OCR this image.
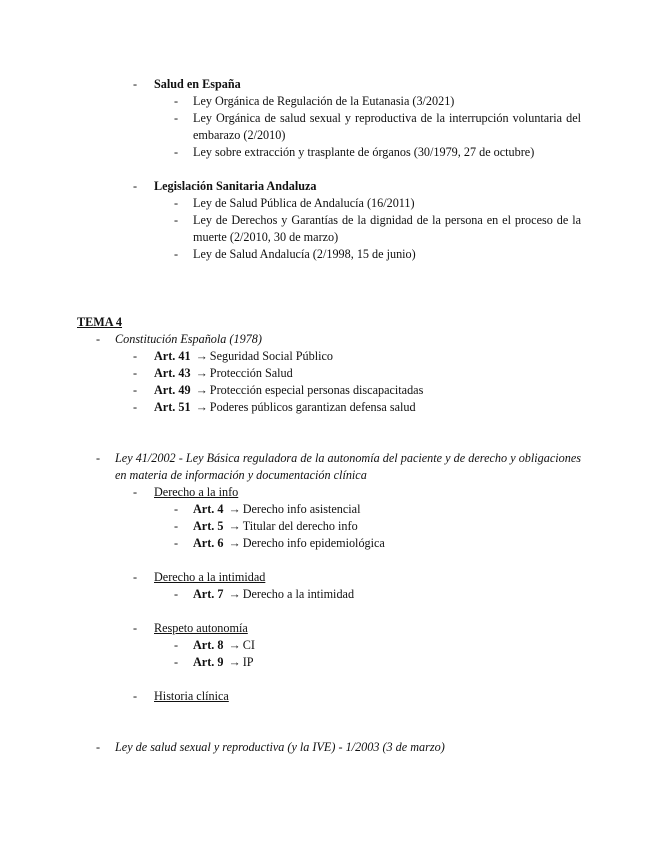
-	Salud en España
-	Ley Orgánica de Regulación de la Eutanasia (3/2021)
-	Ley Orgánica de salud sexual y reproductiva de la interrupción voluntaria del embarazo (2/2010)
-	Ley sobre extracción y trasplante de órganos (30/1979, 27 de octubre)
-	Legislación Sanitaria Andaluza
-	Ley de Salud Pública de Andalucía (16/2011)
-	Ley de Derechos y Garantías de la dignidad de la persona en el proceso de la muerte (2/2010, 30 de marzo)
-	Ley de Salud Andalucía (2/1998, 15 de junio)
TEMA 4
-	Constitución Española (1978)
-	Art. 41 → Seguridad Social Público
-	Art. 43 → Protección Salud
-	Art. 49 → Protección especial personas discapacitadas
-	Art. 51 → Poderes públicos garantizan defensa salud
-	Ley 41/2002 - Ley Básica reguladora de la autonomía del paciente y de derecho y obligaciones en materia de información y documentación clínica
-	Derecho a la info
-	Art. 4 → Derecho info asistencial
-	Art. 5 → Titular del derecho info
-	Art. 6 → Derecho info epidemiológica
-	Derecho a la intimidad
-	Art. 7 → Derecho a la intimidad
-	Respeto autonomía
-	Art. 8 → CI
-	Art. 9 → IP
-	Historia clínica
-	Ley de salud sexual y reproductiva (y la IVE) - 1/2003 (3 de marzo)
